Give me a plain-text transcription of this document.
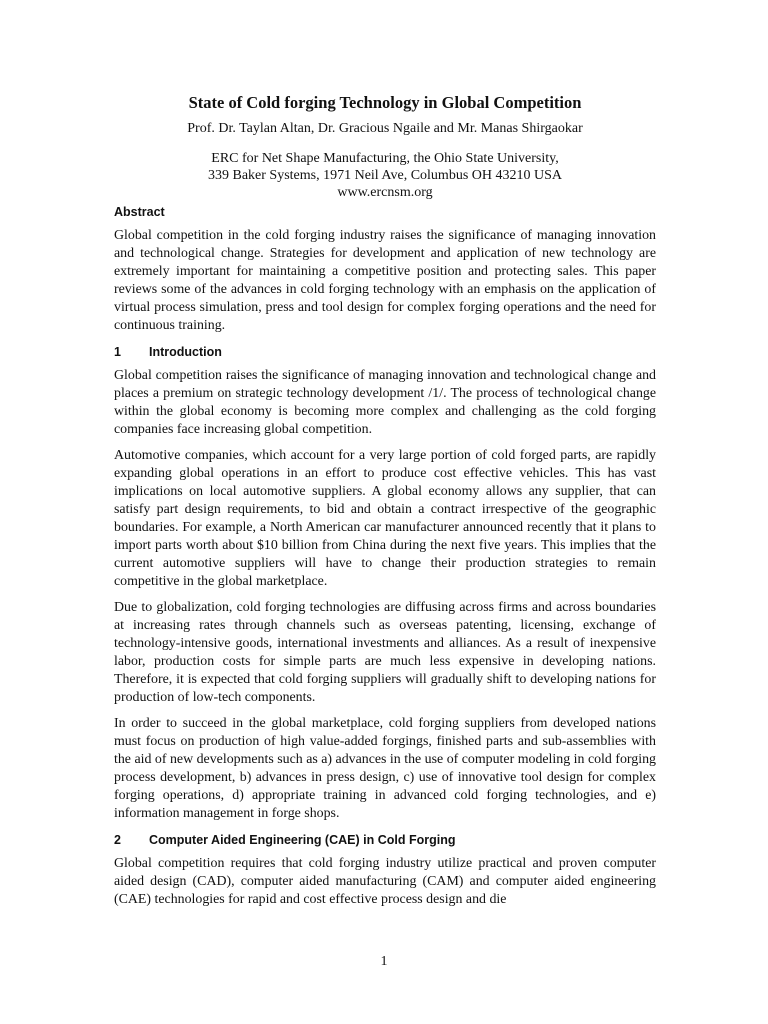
State of Cold forging Technology in Global Competition

Prof. Dr. Taylan Altan, Dr. Gracious Ngaile and Mr. Manas Shirgaokar

ERC for Net Shape Manufacturing, the Ohio State University,

339 Baker Systems, 1971 Neil Ave, Columbus OH 43210 USA

www.ercnsm.org

Abstract

Global competition in the cold forging industry raises the significance of managing innovation and technological change. Strategies for development and application of new technology are extremely important for maintaining a competitive position and protecting sales. This paper reviews some of the advances in cold forging technology with an emphasis on the application of virtual process simulation, press and tool design for complex forging operations and the need for continuous training.

1	Introduction

Global competition raises the significance of managing innovation and technological change and places a premium on strategic technology development /1/. The process of technological change within the global economy is becoming more complex and challenging as the cold forging companies face increasing global competition.

Automotive companies, which account for a very large portion of cold forged parts, are rapidly expanding global operations in an effort to produce cost effective vehicles. This has vast implications on local automotive suppliers. A global economy allows any supplier, that can satisfy part design requirements, to bid and obtain a contract irrespective of the geographic boundaries. For example, a North American car manufacturer announced recently that it plans to import parts worth about $10 billion from China during the next five years. This implies that the current automotive suppliers will have to change their production strategies to remain competitive in the global marketplace.

Due to globalization, cold forging technologies are diffusing across firms and across boundaries at increasing rates through channels such as overseas patenting, licensing, exchange of technology-intensive goods, international investments and alliances. As a result of inexpensive labor, production costs for simple parts are much less expensive in developing nations. Therefore, it is expected that cold forging suppliers will gradually shift to developing nations for production of low-tech components.

In order to succeed in the global marketplace, cold forging suppliers from developed nations must focus on production of high value-added forgings, finished parts and sub-assemblies with the aid of new developments such as a) advances in the use of computer modeling in cold forging process development, b) advances in press design, c) use of innovative tool design for complex forging operations, d) appropriate training in advanced cold forging technologies, and e) information management in forge shops.

2	Computer Aided Engineering (CAE) in Cold Forging

Global competition requires that cold forging industry utilize practical and proven computer aided design (CAD), computer aided manufacturing (CAM) and computer aided engineering (CAE) technologies for rapid and cost effective process design and die

1
